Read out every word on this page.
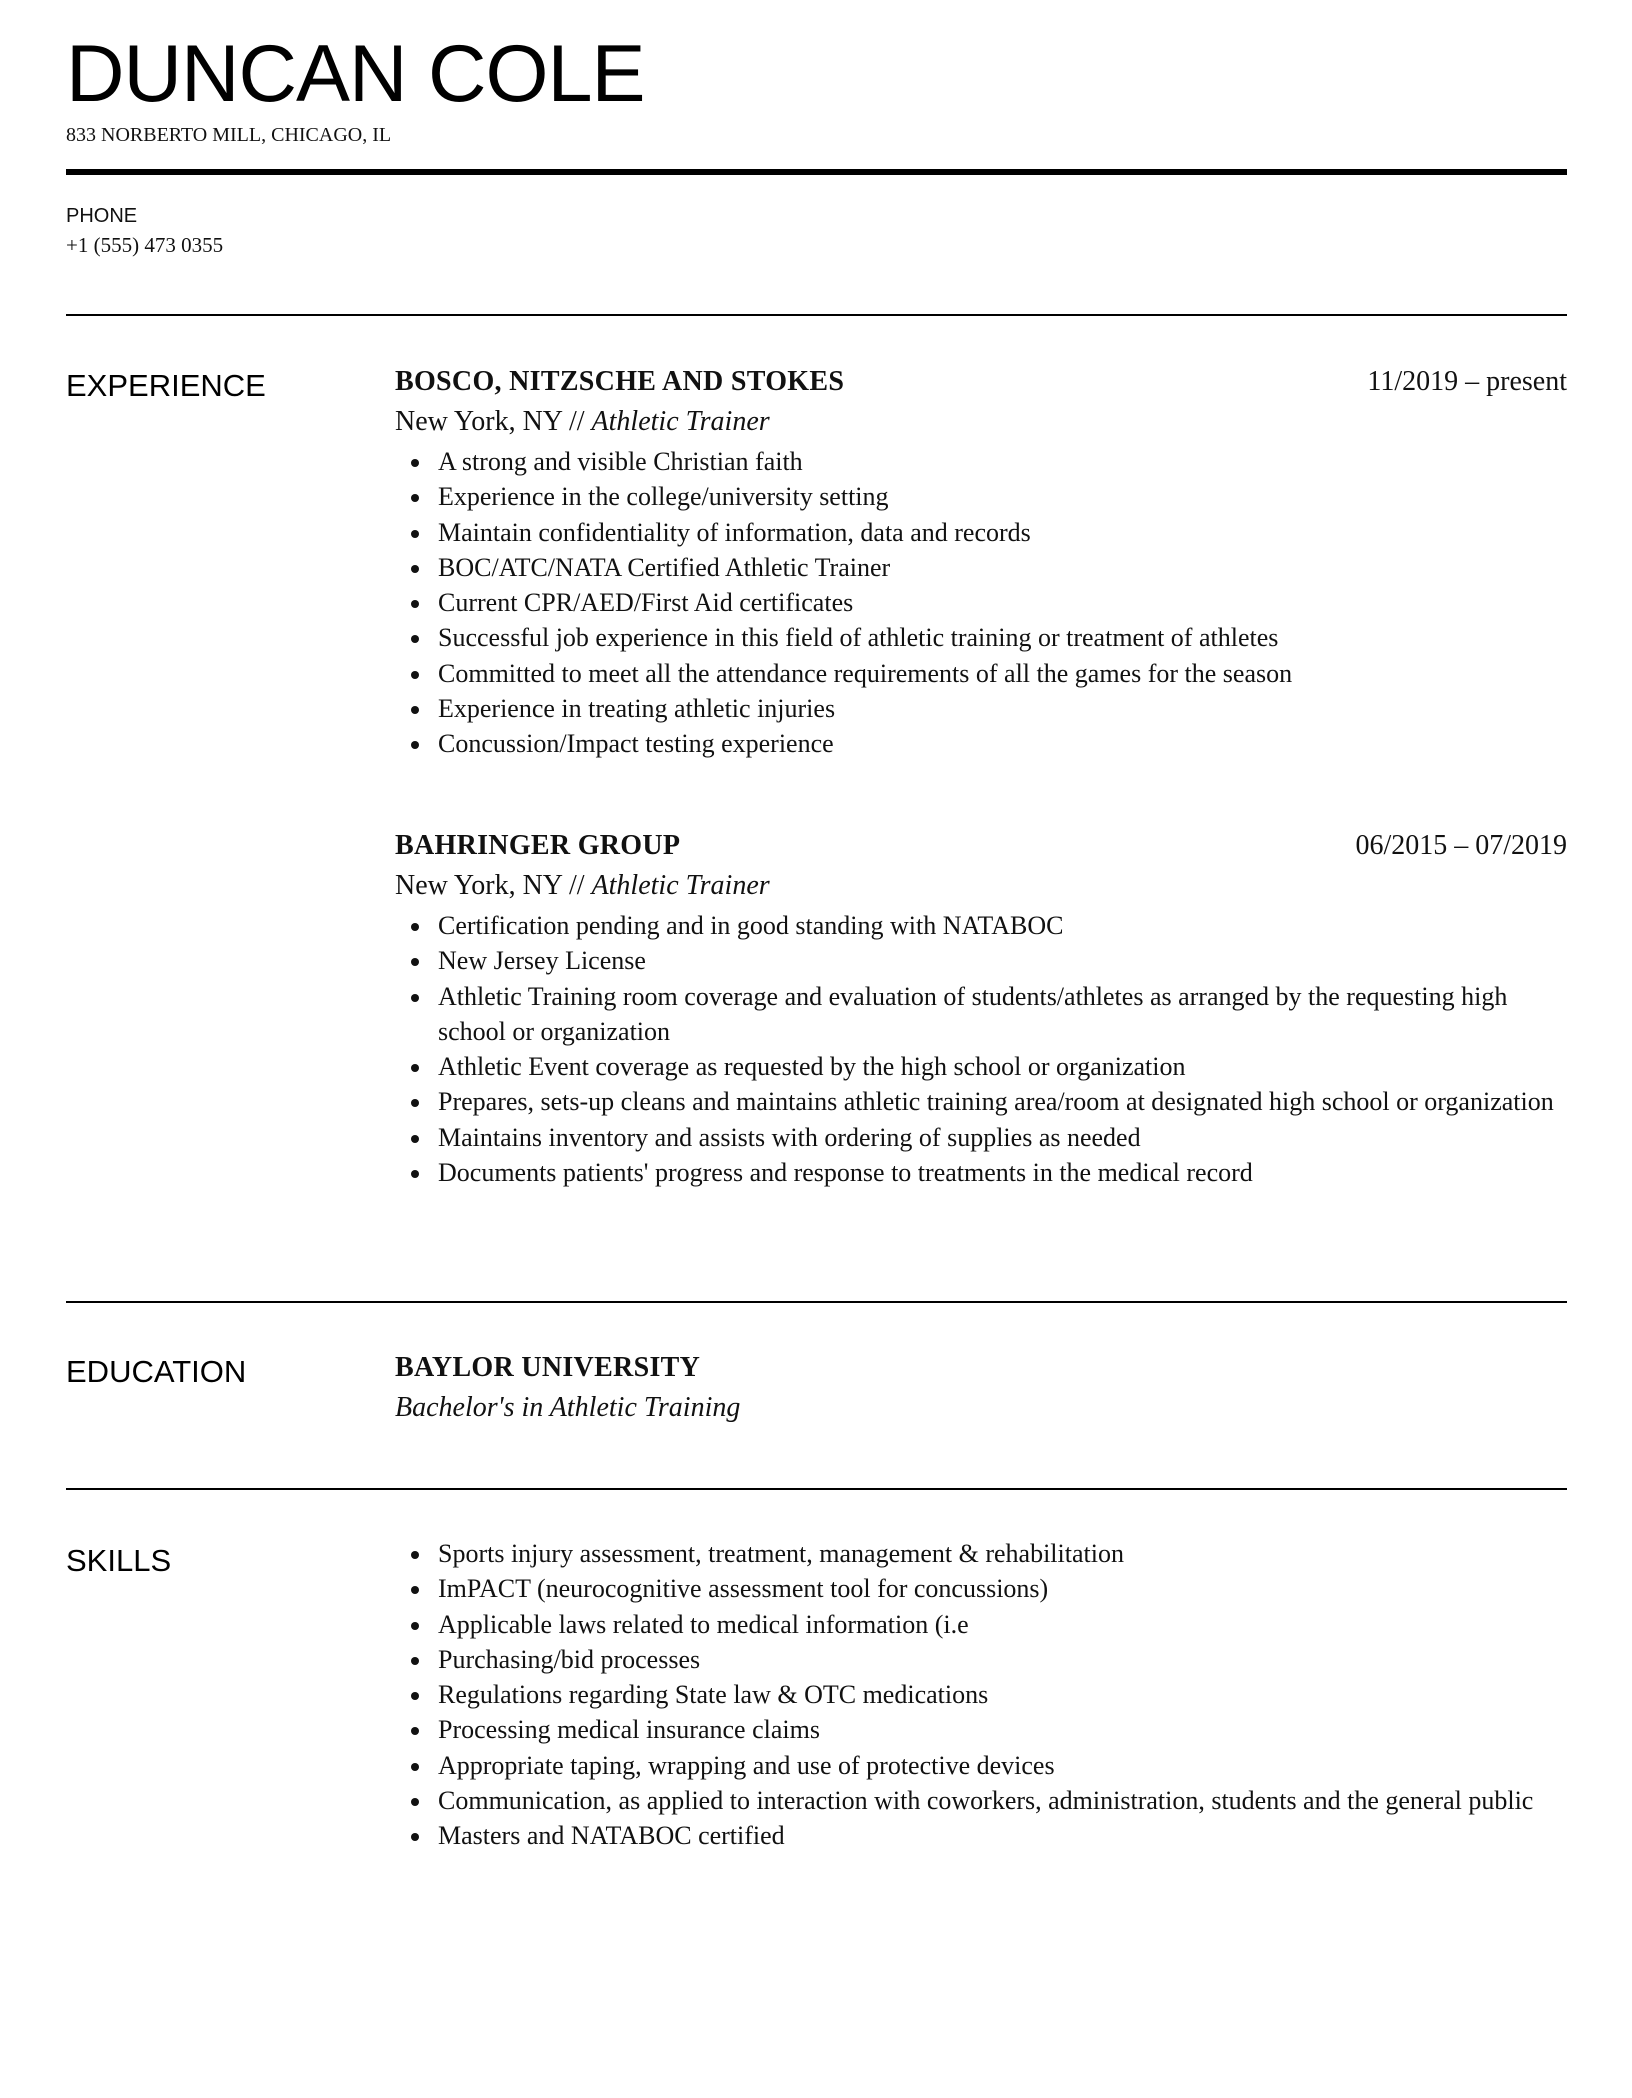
DUNCAN COLE
833 NORBERTO MILL, CHICAGO, IL
PHONE
+1 (555) 473 0355
EXPERIENCE	BOSCO, NITZSCHE AND STOKES	11/2019 – present
New York, NY // Athletic Trainer
A strong and visible Christian faith
Experience in the college/university setting
Maintain confidentiality of information, data and records
BOC/ATC/NATA Certified Athletic Trainer
Current CPR/AED/First Aid certificates
Successful job experience in this field of athletic training or treatment of athletes
Committed to meet all the attendance requirements of all the games for the season
Experience in treating athletic injuries
Concussion/Impact testing experience
BAHRINGER GROUP	06/2015 – 07/2019
New York, NY // Athletic Trainer
Certification pending and in good standing with NATABOC
New Jersey License
Athletic Training room coverage and evaluation of students/athletes as arranged by the requesting high school or organization
Athletic Event coverage as requested by the high school or organization
Prepares, sets-up cleans and maintains athletic training area/room at designated high school or organization
Maintains inventory and assists with ordering of supplies as needed
Documents patients' progress and response to treatments in the medical record
EDUCATION	BAYLOR UNIVERSITY
Bachelor's in Athletic Training
SKILLS	Sports injury assessment, treatment, management & rehabilitation
ImPACT (neurocognitive assessment tool for concussions)
Applicable laws related to medical information (i.e
Purchasing/bid processes
Regulations regarding State law & OTC medications
Processing medical insurance claims
Appropriate taping, wrapping and use of protective devices
Communication, as applied to interaction with coworkers, administration, students and the general public
Masters and NATABOC certified
